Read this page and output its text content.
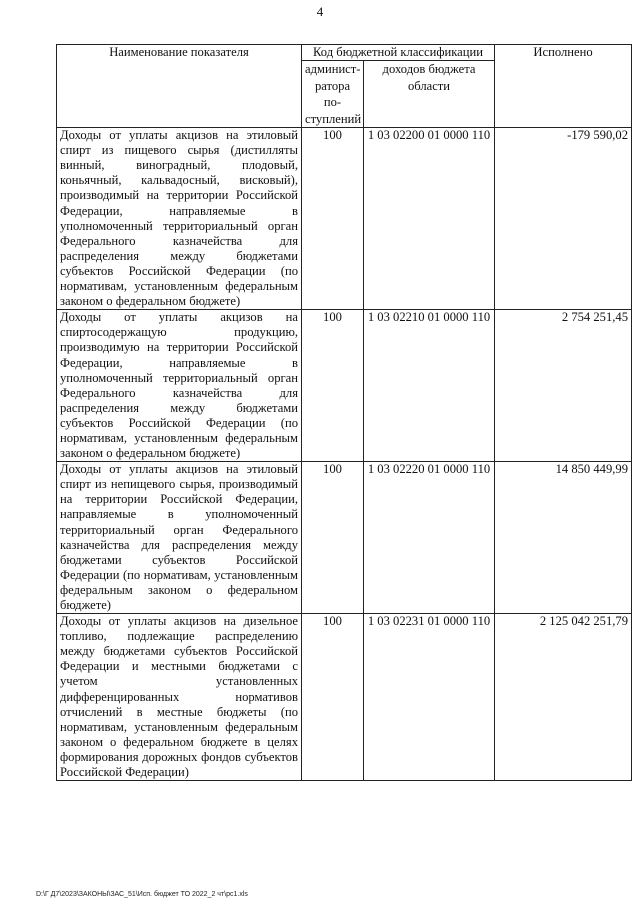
4
Наименование показателя	Код бюджетной классификации		Исполнено
	админист-ратора по-ступлений	доходов бюджета области	
Доходы от уплаты акцизов на этиловый спирт из пищевого сырья (дистилляты винный, виноградный, плодовый, коньячный, кальвадосный, висковый), производимый на территории Российской Федерации, направляемые в уполномоченный территориальный орган Федерального казначейства для распределения между бюджетами субъектов Российской Федерации (по нормативам, установленным федеральным законом о федеральном бюджете)	100	1 03 02200 01 0000 110	-179 590,02
Доходы от уплаты акцизов на спиртосодержащую продукцию, производимую на территории Российской Федерации, направляемые в уполномоченный территориальный орган Федерального казначейства для распределения между бюджетами субъектов Российской Федерации (по нормативам, установленным федеральным законом о федеральном бюджете)	100	1 03 02210 01 0000 110	2 754 251,45
Доходы от уплаты акцизов на этиловый спирт из непищевого сырья, производимый на территории Российской Федерации, направляемые в уполномоченный территориальный орган Федерального казначейства для распределения между бюджетами субъектов Российской Федерации (по нормативам, установленным федеральным законом о федеральном бюджете)	100	1 03 02220 01 0000 110	14 850 449,99
Доходы от уплаты акцизов на дизельное топливо, подлежащие распределению между бюджетами субъектов Российской Федерации и местными бюджетами с учетом установленных дифференцированных нормативов отчислений в местные бюджеты (по нормативам, установленным федеральным законом о федеральном бюджете в целях формирования дорожных фондов субъектов Российской Федерации)	100	1 03 02231 01 0000 110	2 125 042 251,79
D:\Г Д7\2023\ЗАКОНЫ\ЗАС_51\Исп. бюджет ТО 2022_2 чт\рс1.xls
